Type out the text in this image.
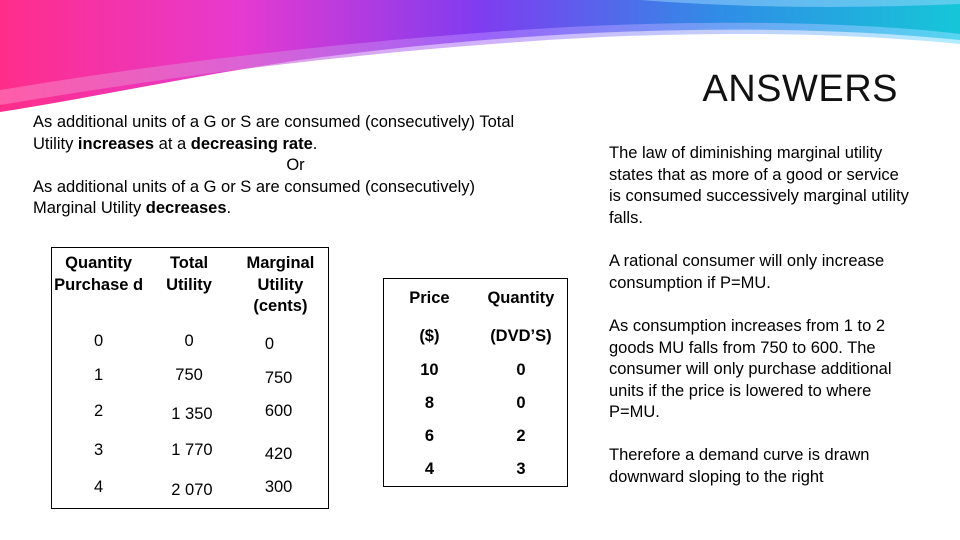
ANSWERS
As additional units of a G or S are consumed (consecutively) Total
Utility increases at a decreasing rate.
Or
As additional units of a G or S are consumed (consecutively)
Marginal Utility decreases.
Quantity Purchase d	Total Utility	Marginal Utility (cents)
0	0	0
1	750	750
2	1 350	600
3	1 770	420
4	2 070	300
Price	Quantity
($)	(DVD’S)
10	0
8	0
6	2
4	3
The law of diminishing marginal utility states that as more of a good or service is consumed successively marginal utility falls.
A rational consumer will only increase consumption if P=MU.
As consumption increases from 1 to 2 goods MU falls from 750 to 600. The consumer will only purchase additional units if the price is lowered to where P=MU.
Therefore a demand curve is drawn downward sloping to the right
